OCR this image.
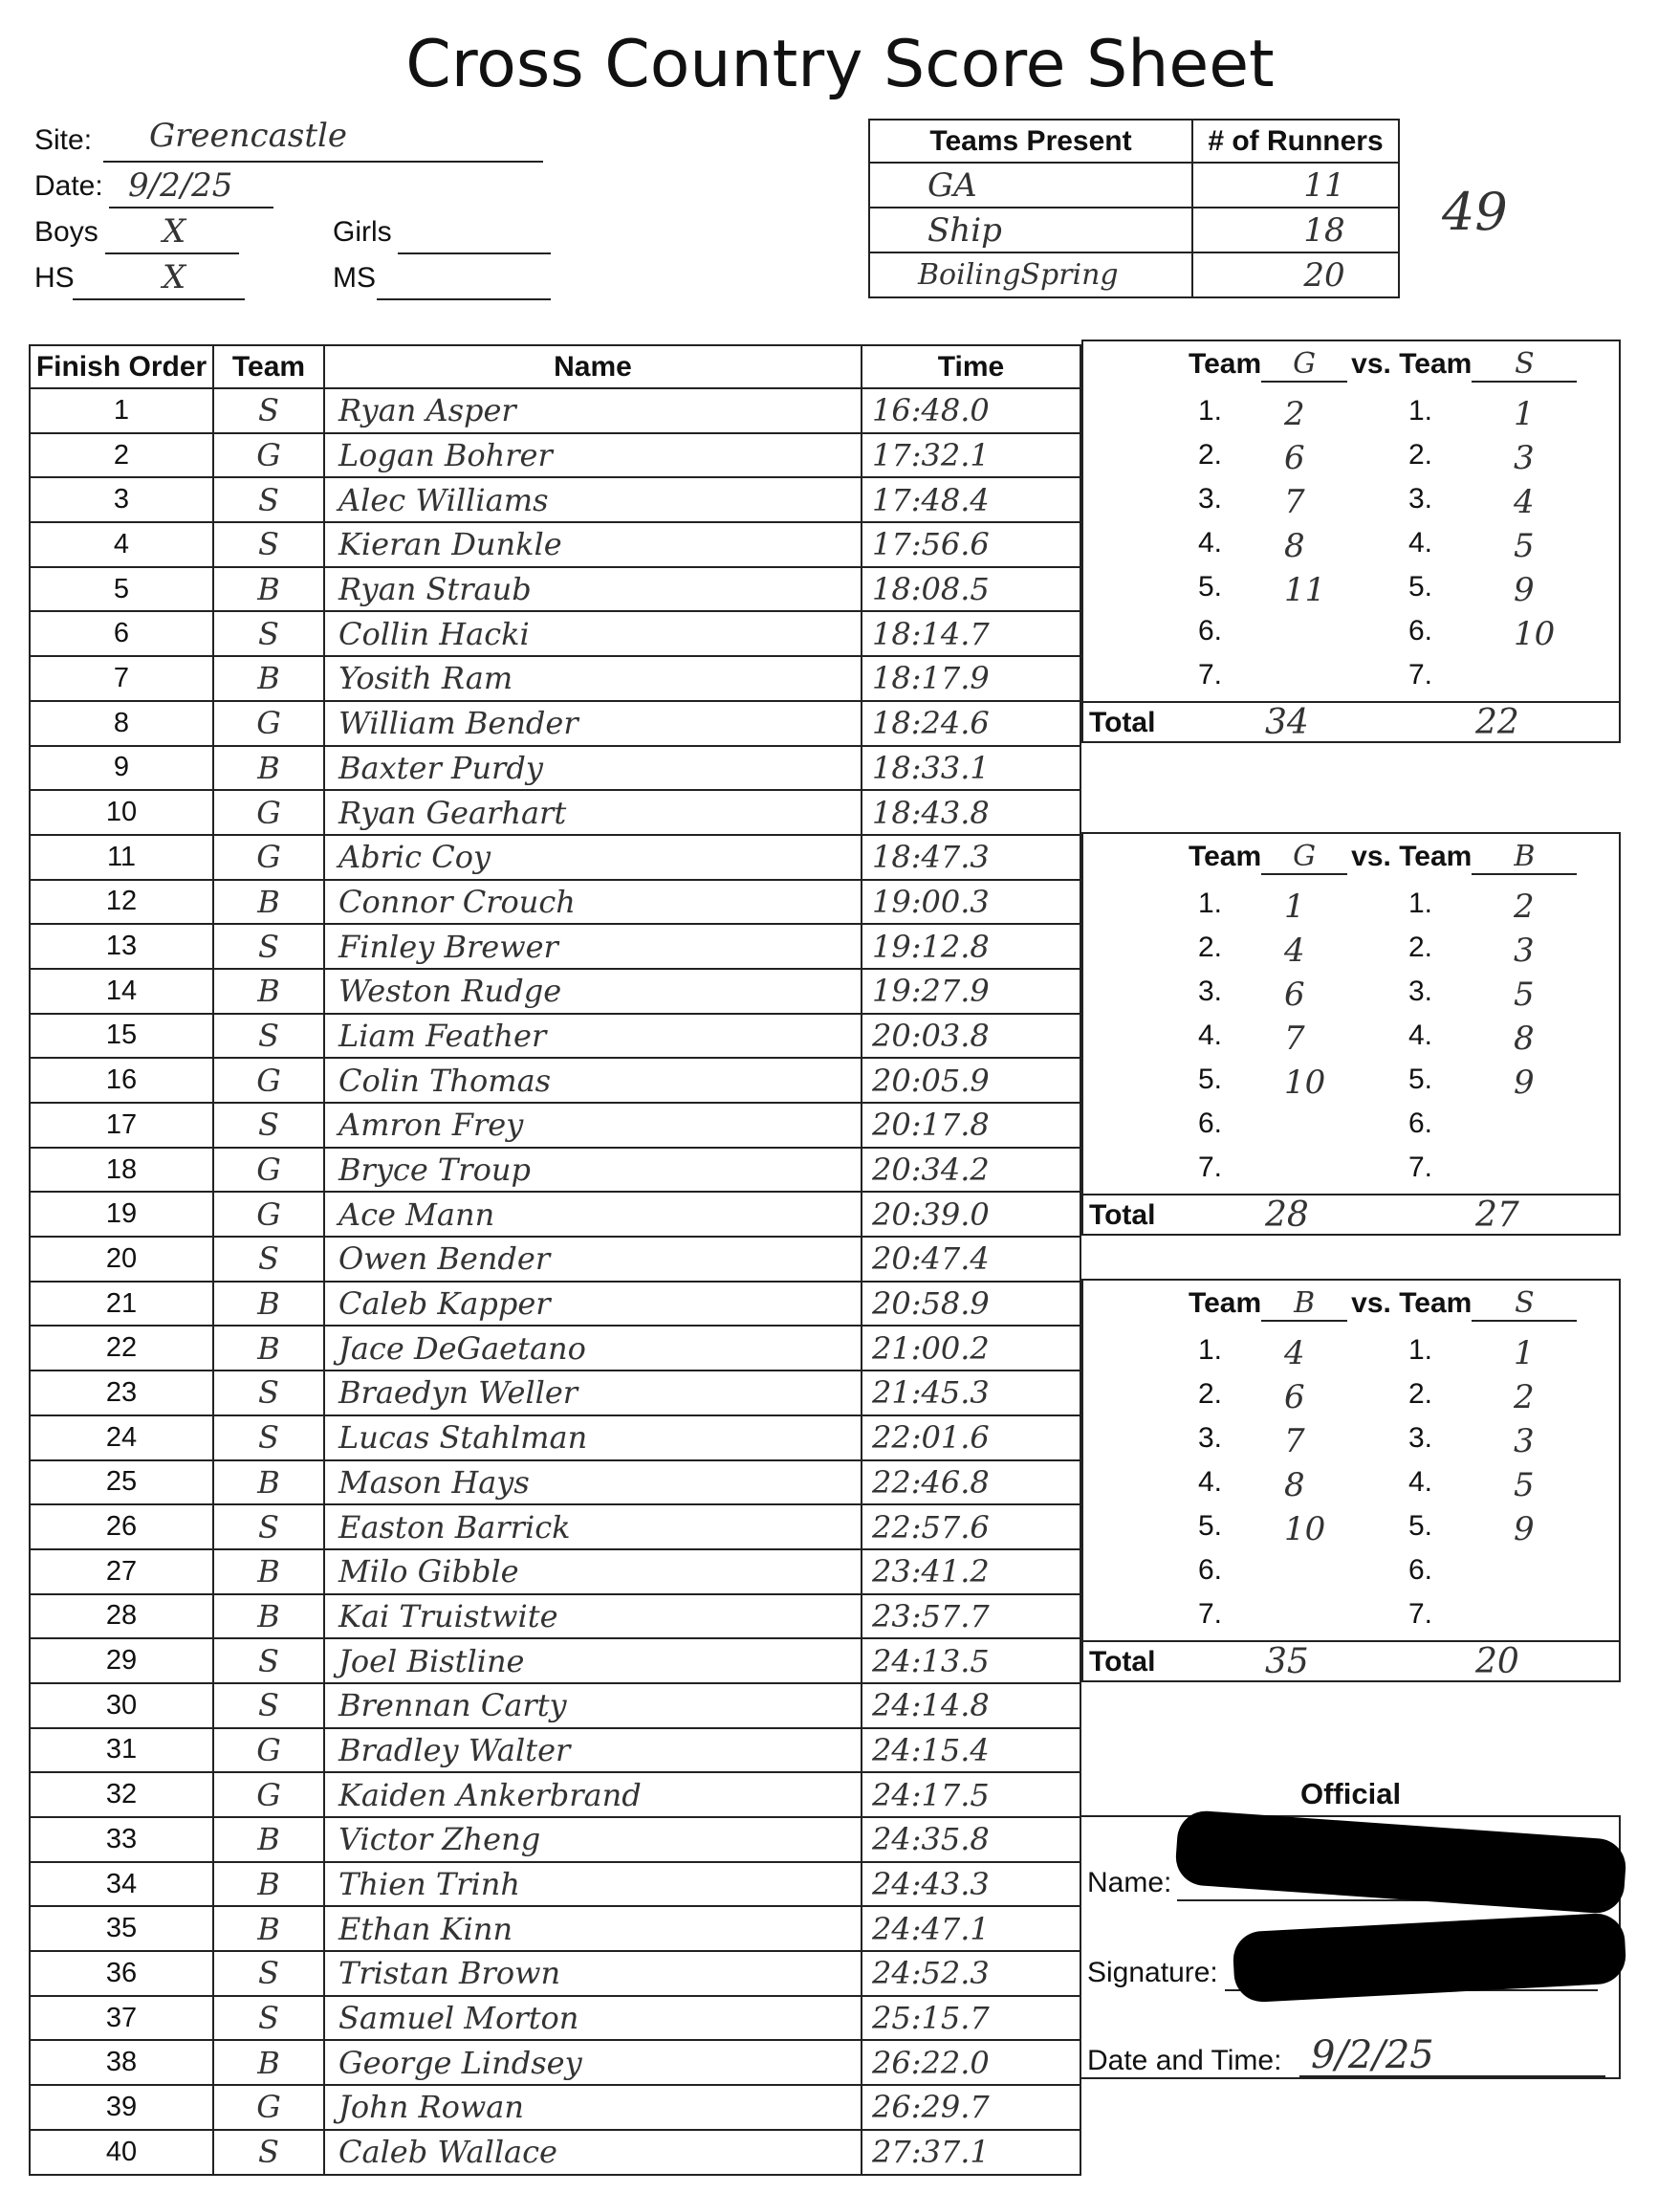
Cross Country Score Sheet
Site: Greencastle
Date: 9/2/25
Boys X	Girls
HS	X	MS
Teams Present	# of Runners
GA	11
Ship	18
BoilingSpring	20
49
Finish Order	Team	Name	Time
1	S	Ryan Asper	16:48.0
2	G	Logan Bohrer	17:32.1
3	S	Alec Williams	17:48.4
4	S	Kieran Dunkle	17:56.6
5	B	Ryan Straub	18:08.5
6	S	Collin Hacki	18:14.7
7	B	Yosith Ram	18:17.9
8	G	William Bender	18:24.6
9	B	Baxter Purdy	18:33.1
10	G	Ryan Gearhart	18:43.8
11	G	Abric Coy	18:47.3
12	B	Connor Crouch	19:00.3
13	S	Finley Brewer	19:12.8
14	B	Weston Rudge	19:27.9
15	S	Liam Feather	20:03.8
16	G	Colin Thomas	20:05.9
17	S	Amron Frey	20:17.8
18	G	Bryce Troup	20:34.2
19	G	Ace Mann	20:39.0
20	S	Owen Bender	20:47.4
21	B	Caleb Kapper	20:58.9
22	B	Jace DeGaetano	21:00.2
23	S	Braedyn Weller	21:45.3
24	S	Lucas Stahlman	22:01.6
25	B	Mason Hays	22:46.8
26	S	Easton Barrick	22:57.6
27	B	Milo Gibble	23:41.2
28	B	Kai Truistwite	23:57.7
29	S	Joel Bistline	24:13.5
30	S	Brennan Carty	24:14.8
31	G	Bradley Walter	24:15.4
32	G	Kaiden Ankerbrand	24:17.5
33	B	Victor Zheng	24:35.8
34	B	Thien Trinh	24:43.3
35	B	Ethan Kinn	24:47.1
36	S	Tristan Brown	24:52.3
37	S	Samuel Morton	25:15.7
38	B	George Lindsey	26:22.0
39	G	John Rowan	26:29.7
40	S	Caleb Wallace	27:37.1
Team G vs. Team S
1. 2	1. 1
2. 6	2. 3
3. 7	3. 4
4. 8	4. 5
5. 11	5. 9
6.	6. 10
7.	7.
Total	34	22
Team G vs. Team B
1. 1	1. 2
2. 4	2. 3
3. 6	3. 5
4. 7	4. 8
5. 10	5. 9
6.	6.
7.	7.
Total	28	27
Team B vs. Team S
1. 4	1. 1
2. 6	2. 2
3. 7	3. 3
4. 8	4. 5
5. 10	5. 9
6.	6.
7.	7.
Total	35	20
Official
Name:
Signature:
Date and Time: 9/2/25
